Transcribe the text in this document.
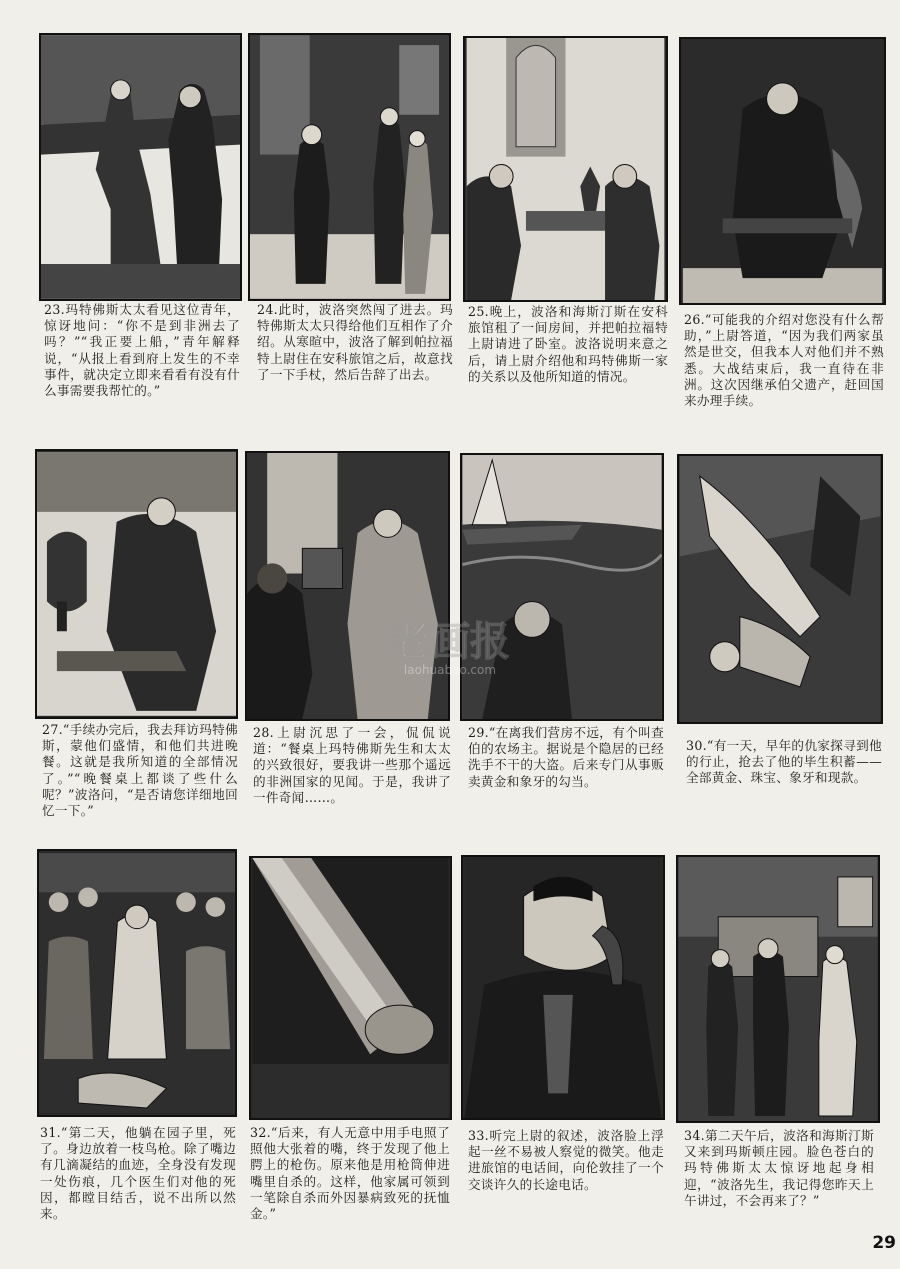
23.玛特佛斯太太看见这位青年，惊讶地问：“你不是到非洲去了吗？”“我正要上船，”青年解释说，“从报上看到府上发生的不幸事件，就决定立即来看看有没有什么事需要我帮忙的。”
24.此时，波洛突然闯了进去。玛特佛斯太太只得给他们互相作了介绍。从寒暄中，波洛了解到帕拉福特上尉住在安科旅馆之后，故意找了一下手杖，然后告辞了出去。
25.晚上，波洛和海斯汀斯在安科旅馆租了一间房间，并把帕拉福特上尉请进了卧室。波洛说明来意之后，请上尉介绍他和玛特佛斯一家的关系以及他所知道的情况。
26.“可能我的介绍对您没有什么帮助，”上尉答道，“因为我们两家虽然是世交，但我本人对他们并不熟悉。大战结束后，我一直待在非洲。这次因继承伯父遗产，赶回国来办理手续。
27.“手续办完后，我去拜访玛特佛斯，蒙他们盛情，和他们共进晚餐。这就是我所知道的全部情况了。”“晚餐桌上都谈了些什么呢？”波洛问，“是否请您详细地回忆一下。”
28.上尉沉思了一会，侃侃说道：“餐桌上玛特佛斯先生和太太的兴致很好，要我讲一些那个遥远的非洲国家的见闻。于是，我讲了一件奇闻……。
29.“在离我们营房不远，有个叫查伯的农场主。据说是个隐居的已经洗手不干的大盗。后来专门从事贩卖黄金和象牙的勾当。
30.“有一天，早年的仇家探寻到他的行止，抢去了他的毕生积蓄——全部黄金、珠宝、象牙和现款。
31.“第二天，他躺在园子里，死了。身边放着一枝鸟枪。除了嘴边有几滴凝结的血迹，全身没有发现一处伤痕，几个医生们对他的死因，都瞠目结舌，说不出所以然来。
32.“后来，有人无意中用手电照了照他大张着的嘴，终于发现了他上腭上的枪伤。原来他是用枪筒伸进嘴里自杀的。这样，他家属可领到一笔除自杀而外因暴病致死的抚恤金。”
33.听完上尉的叙述，波洛脸上浮起一丝不易被人察觉的微笑。他走进旅馆的电话间，向伦敦挂了一个交谈许久的长途电话。
34.第二天午后，波洛和海斯汀斯又来到玛斯顿庄园。脸色苍白的玛特佛斯太太惊讶地起身相迎，“波洛先生，我记得您昨天上午讲过，不会再来了？”
老画报
laohuabao.com
29
